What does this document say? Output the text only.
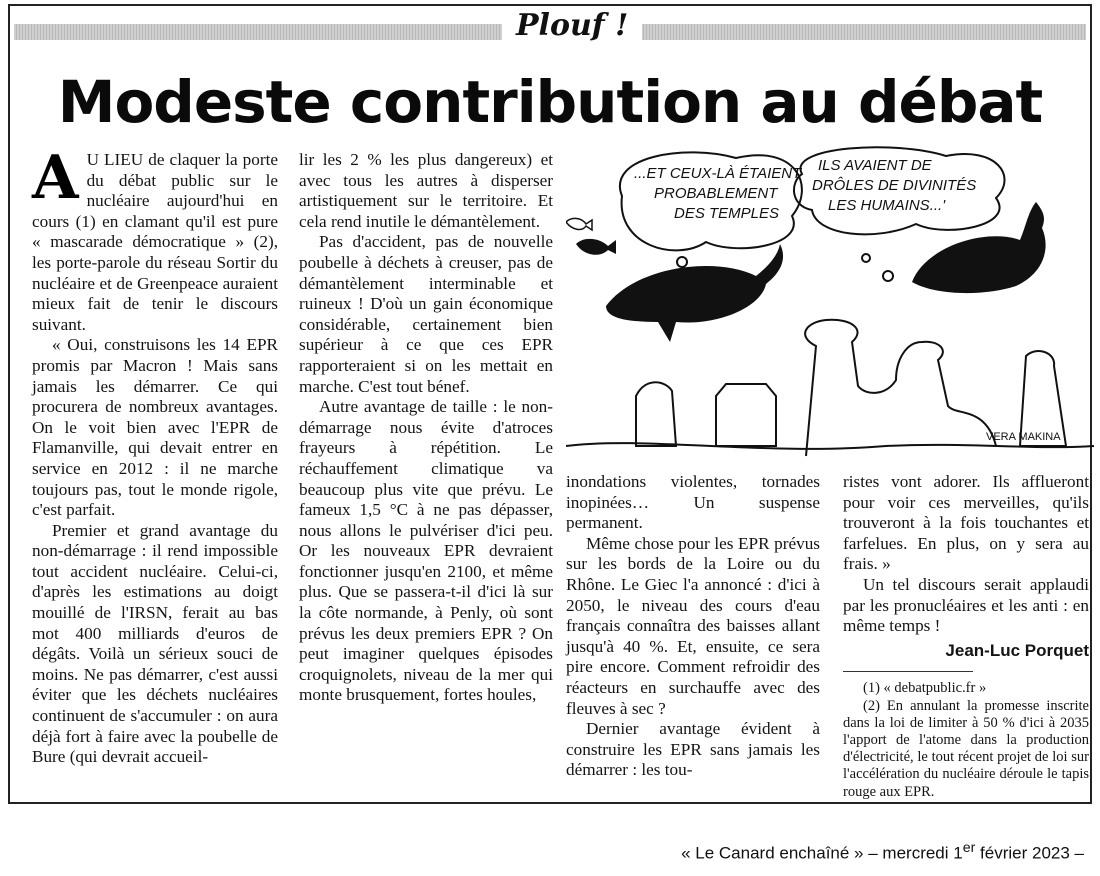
Plouf !
Modeste contribution au débat

A U LIEU de claquer la porte du débat public sur le nucléaire aujourd'hui en cours (1) en clamant qu'il est pure « mascarade démocratique » (2), les porte-parole du réseau Sortir du nucléaire et de Greenpeace auraient mieux fait de tenir le discours suivant.

« Oui, construisons les 14 EPR promis par Macron ! Mais sans jamais les démarrer. Ce qui procurera de nombreux avantages. On le voit bien avec l'EPR de Flamanville, qui devait entrer en service en 2012 : il ne marche toujours pas, tout le monde rigole, c'est parfait.

Premier et grand avantage du non-démarrage : il rend impossible tout accident nucléaire. Celui-ci, d'après les estimations au doigt mouillé de l'IRSN, ferait au bas mot 400 milliards d'euros de dégâts. Voilà un sérieux souci de moins. Ne pas démarrer, c'est aussi éviter que les déchets nucléaires continuent de s'accumuler : on aura déjà fort à faire avec la poubelle de Bure (qui devrait accueil-

lir les 2 % les plus dangereux) et avec tous les autres à disperser artistiquement sur le territoire. Et cela rend inutile le démantèlement.

Pas d'accident, pas de nouvelle poubelle à déchets à creuser, pas de démantèlement interminable et ruineux ! D'où un gain économique considérable, certainement bien supérieur à ce que ces EPR rapporteraient si on les mettait en marche. C'est tout bénef.

Autre avantage de taille : le non-démarrage nous évite d'atroces frayeurs à répétition. Le réchauffement climatique va beaucoup plus vite que prévu. Le fameux 1,5 °C à ne pas dépasser, nous allons le pulvériser d'ici peu. Or les nouveaux EPR devraient fonctionner jusqu'en 2100, et même plus. Que se passera-t-il d'ici là sur la côte normande, à Penly, où sont prévus les deux premiers EPR ? On peut imaginer quelques épisodes croquignolets, niveau de la mer qui monte brusquement, fortes houles,

...ET CEUX-LÀ ÉTAIENT
PROBABLEMENT
DES TEMPLES
ILS AVAIENT DE
DRÔLES DE DIVINITÉS
LES HUMAINS...'
VERA MAKINA

inondations violentes, tornades inopinées… Un suspense permanent.

Même chose pour les EPR prévus sur les bords de la Loire ou du Rhône. Le Giec l'a annoncé : d'ici à 2050, le niveau des cours d'eau français connaîtra des baisses allant jusqu'à 40 %. Et, ensuite, ce sera pire encore. Comment refroidir des réacteurs en surchauffe avec des fleuves à sec ?

Dernier avantage évident à construire les EPR sans jamais les démarrer : les tou-

ristes vont adorer. Ils afflueront pour voir ces merveilles, qu'ils trouveront à la fois touchantes et farfelues. En plus, on y sera au frais. »

Un tel discours serait applaudi par les pronucléaires et les anti : en même temps !

Jean-Luc Porquet

(1) « debatpublic.fr »

(2) En annulant la promesse inscrite dans la loi de limiter à 50 % d'ici à 2035 l'apport de l'atome dans la production d'électricité, le tout récent projet de loi sur l'accélération du nucléaire déroule le tapis rouge aux EPR.

« Le Canard enchaîné » – mercredi 1er février 2023 –
